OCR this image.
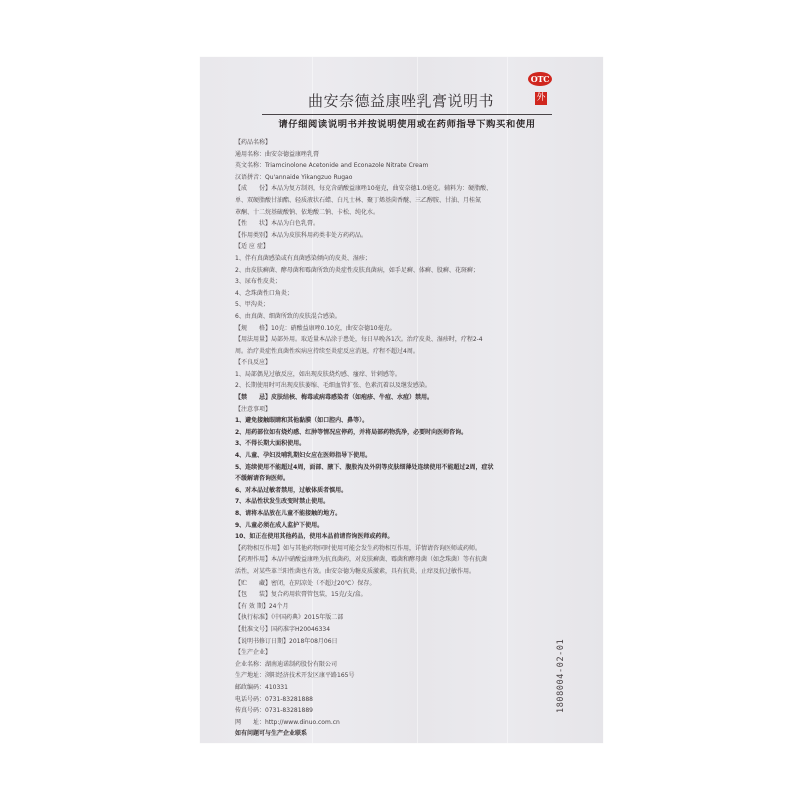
OTC
外
曲安奈德益康唑乳膏说明书
请仔细阅读说明书并按说明使用或在药师指导下购买和使用
【药品名称】
通用名称：曲安奈德益康唑乳膏
英文名称：Triamcinolone Acetonide and Econazole Nitrate Cream
汉语拼音：Qu'annaide Yikangzuo Rugao
【成　　份】本品为复方制剂，每克含硝酸益康唑10毫克，曲安奈德1.0毫克。辅料为：硬脂酸、
单、双硬脂酸甘油酯、轻质液状石蜡、白凡士林、聚丁烯基茴香醚、三乙醇胺、甘油、月桂氮
䓬酮、十二烷基硫酸钠、依地酸二钠、卡松、纯化水。
【性　　状】本品为白色乳膏。
【作用类别】本品为皮肤科用药类非处方药药品。
【适 应 症】
1、伴有真菌感染或有真菌感染倾向的皮炎、湿疹；
2、由皮肤癣菌、酵母菌和霉菌所致的炎症性皮肤真菌病，如手足癣、体癣、股癣、花斑癣；
3、尿布性皮炎；
4、念珠菌性口角炎；
5、甲沟炎；
6、由真菌、细菌所致的皮肤混合感染。
【规　　格】10克：硝酸益康唑0.10克，曲安奈德10毫克。
【用法用量】局部外用。取适量本品涂于患处，每日早晚各1次。治疗皮炎、湿疹时，疗程2-4
周。治疗炎症性真菌性疾病应持续至炎症反应消退，疗程不超过4周。
【不良反应】
1、局部偶见过敏反应，如出现皮肤烧灼感、瘙痒、针刺感等。
2、长期使用时可出现皮肤萎缩、毛细血管扩张、色素沉着以及继发感染。
【禁　　忌】皮肤结核、梅毒或病毒感染者（如疱疹、牛痘、水痘）禁用。
【注意事项】
1、避免接触眼睛和其他黏膜（如口腔内、鼻等）。
2、用药部位如有烧灼感、红肿等情况应停药，并将局部药物洗净，必要时向医师咨询。
3、不得长期大面积使用。
4、儿童、孕妇及哺乳期妇女应在医师指导下使用。
5、连续使用不能超过4周，面部、腋下、腹股沟及外阴等皮肤细薄处连续使用不能超过2周，症状
不缓解请咨询医师。
6、对本品过敏者禁用，过敏体质者慎用。
7、本品性状发生改变时禁止使用。
8、请将本品放在儿童不能接触的地方。
9、儿童必须在成人监护下使用。
10、如正在使用其他药品，使用本品前请咨询医师或药师。
【药物相互作用】如与其他药物同时使用可能会发生药物相互作用，详情请咨询医师或药师。
【药理作用】本品中硝酸益康唑为抗真菌药，对皮肤癣菌、霉菌和酵母菌（如念珠菌）等有抗菌
活性，对某些革兰阳性菌也有效。曲安奈德为糖皮质激素，具有抗炎、止痒及抗过敏作用。
【贮　　藏】密闭，在阴凉处（不超过20℃）保存。
【包　　装】复合药用软膏管包装，15克/支/盒。
【有 效 期】24个月
【执行标准】《中国药典》2015年版二部
【批准文号】国药准字H20046334
【说明书修订日期】2018年08月06日
【生产企业】
企业名称：湖南迪诺制药股份有限公司
生产地址：浏阳经济技术开发区康平路165号
邮政编码：410331
电话号码：0731-83281888
传真号码：0731-83281889
网　　址：http://www.dinuo.com.cn
如有问题可与生产企业联系
1808004-02-01
